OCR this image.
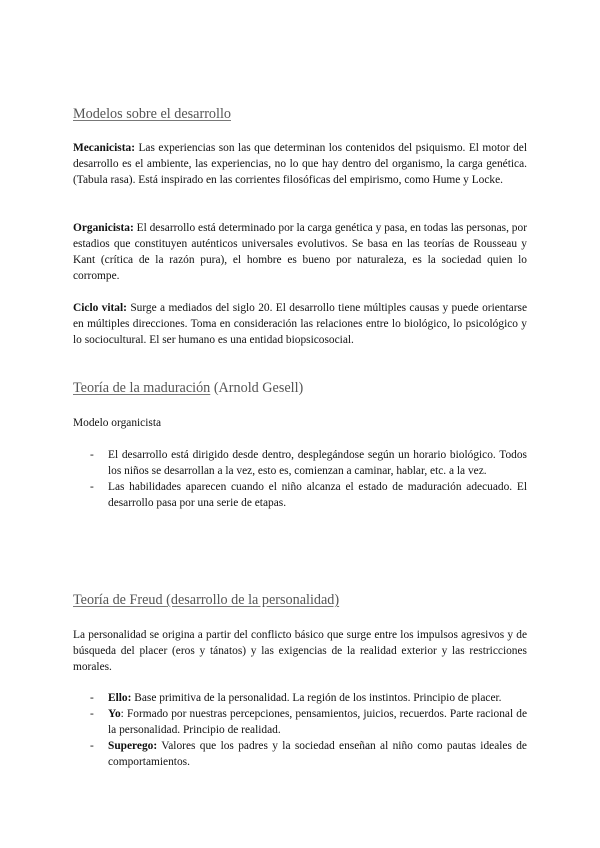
Modelos sobre el desarrollo

Mecanicista: Las experiencias son las que determinan los contenidos del psiquismo. El motor del desarrollo es el ambiente, las experiencias, no lo que hay dentro del organismo, la carga genética. (Tabula rasa). Está inspirado en las corrientes filosóficas del empirismo, como Hume y Locke.

Organicista: El desarrollo está determinado por la carga genética y pasa, en todas las personas, por estadios que constituyen auténticos universales evolutivos. Se basa en las teorías de Rousseau y Kant (crítica de la razón pura), el hombre es bueno por naturaleza, es la sociedad quien lo corrompe.

Ciclo vital: Surge a mediados del siglo 20. El desarrollo tiene múltiples causas y puede orientarse en múltiples direcciones. Toma en consideración las relaciones entre lo biológico, lo psicológico y lo sociocultural. El ser humano es una entidad biopsicosocial.

Teoría de la maduración (Arnold Gesell)

Modelo organicista

- El desarrollo está dirigido desde dentro, desplegándose según un horario biológico. Todos los niños se desarrollan a la vez, esto es, comienzan a caminar, hablar, etc. a la vez.
- Las habilidades aparecen cuando el niño alcanza el estado de maduración adecuado. El desarrollo pasa por una serie de etapas.
Teoría de Freud (desarrollo de la personalidad)

La personalidad se origina a partir del conflicto básico que surge entre los impulsos agresivos y de búsqueda del placer (eros y tánatos) y las exigencias de la realidad exterior y las restricciones morales.

- Ello: Base primitiva de la personalidad. La región de los instintos. Principio de placer.
- Yo: Formado por nuestras percepciones, pensamientos, juicios, recuerdos. Parte racional de la personalidad. Principio de realidad.
- Superego: Valores que los padres y la sociedad enseñan al niño como pautas ideales de comportamientos.
